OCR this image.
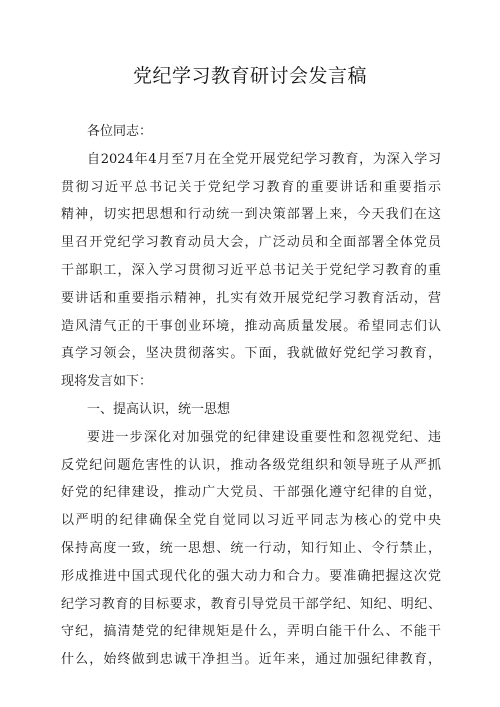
党纪学习教育研讨会发言稿
各位同志：
自2024年4月至7月在全党开展党纪学习教育，为深入学习
贯彻习近平总书记关于党纪学习教育的重要讲话和重要指示
精神，切实把思想和行动统一到决策部署上来，今天我们在这
里召开党纪学习教育动员大会，广泛动员和全面部署全体党员
干部职工，深入学习贯彻习近平总书记关于党纪学习教育的重
要讲话和重要指示精神，扎实有效开展党纪学习教育活动，营
造风清气正的干事创业环境，推动高质量发展。希望同志们认
真学习领会，坚决贯彻落实。下面，我就做好党纪学习教育，
现将发言如下：
一、提高认识，统一思想
要进一步深化对加强党的纪律建设重要性和忽视党纪、违
反党纪问题危害性的认识，推动各级党组织和领导班子从严抓
好党的纪律建设，推动广大党员、干部强化遵守纪律的自觉，
以严明的纪律确保全党自觉同以习近平同志为核心的党中央
保持高度一致，统一思想、统一行动，知行知止、令行禁止，
形成推进中国式现代化的强大动力和合力。要准确把握这次党
纪学习教育的目标要求，教育引导党员干部学纪、知纪、明纪、
守纪，搞清楚党的纪律规矩是什么，弄明白能干什么、不能干
什么，始终做到忠诚干净担当。近年来，通过加强纪律教育，
